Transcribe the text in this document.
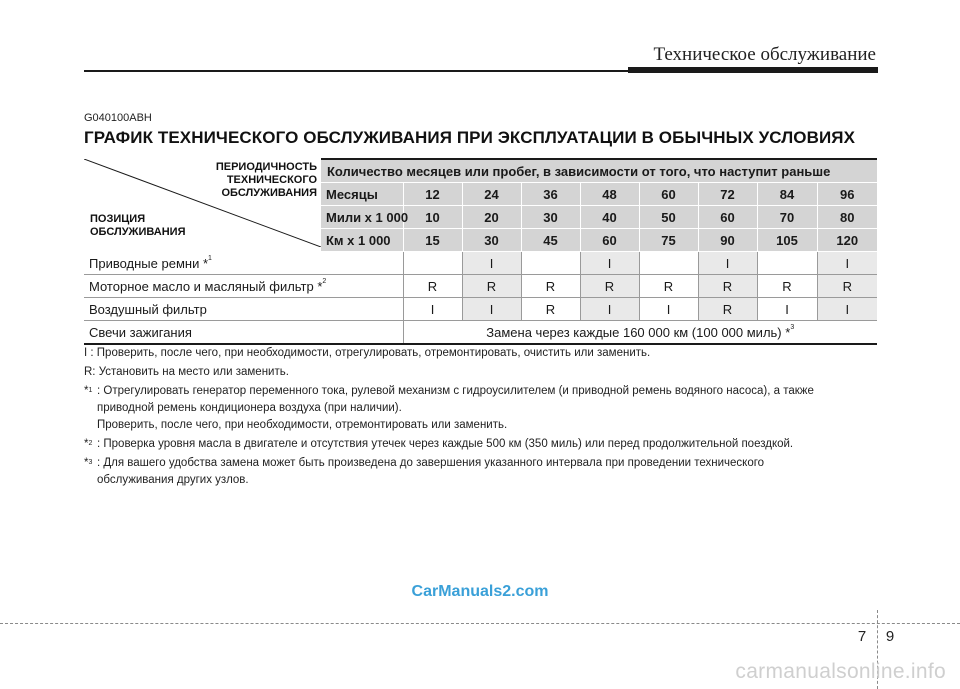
Техническое обслуживание
G040100ABH
ГРАФИК ТЕХНИЧЕСКОГО ОБСЛУЖИВАНИЯ ПРИ ЭКСПЛУАТАЦИИ В ОБЫЧНЫХ УСЛОВИЯХ
ПЕРИОДИЧНОСТЬ
ТЕХНИЧЕСКОГО
ОБСЛУЖИВАНИЯ
ПОЗИЦИЯ
ОБСЛУЖИВАНИЯ	Количество месяцев или пробег, в зависимости от того, что наступит раньше								
	Месяцы	12	24	36	48	60	72	84	96
	Мили x 1 000	10	20	30	40	50	60	70	80
	Км x 1 000	15	30	45	60	75	90	105	120
Приводные ремни *$^1$			I		I		I		I
Моторное масло и масляный фильтр *$^2$		R	R	R	R	R	R	R	R
Воздушный фильтр		I	I	R	I	I	R	I	I
Свечи зажигания		Замена через каждые 160 000 км (100 000 миль) *$^3$
I : Проверить, после чего, при необходимости, отрегулировать, отремонтировать, очистить или заменить.
R: Установить на место или заменить.
*$^1$ : Отрегулировать генератор переменного тока, рулевой механизм с гидроусилителем (и приводной ремень водяного насоса), а также
приводной ремень кондиционера воздуха (при наличии).
Проверить, после чего, при необходимости, отремонтировать или заменить.
*$^2$ : Проверка уровня масла в двигателе и отсутствия утечек через каждые 500 км (350 миль) или перед продолжительной поездкой.
*$^3$ : Для вашего удобства замена может быть произведена до завершения указанного интервала при проведении технического
обслуживания других узлов.
CarManuals2.com
7	9
carmanualsonline.info
